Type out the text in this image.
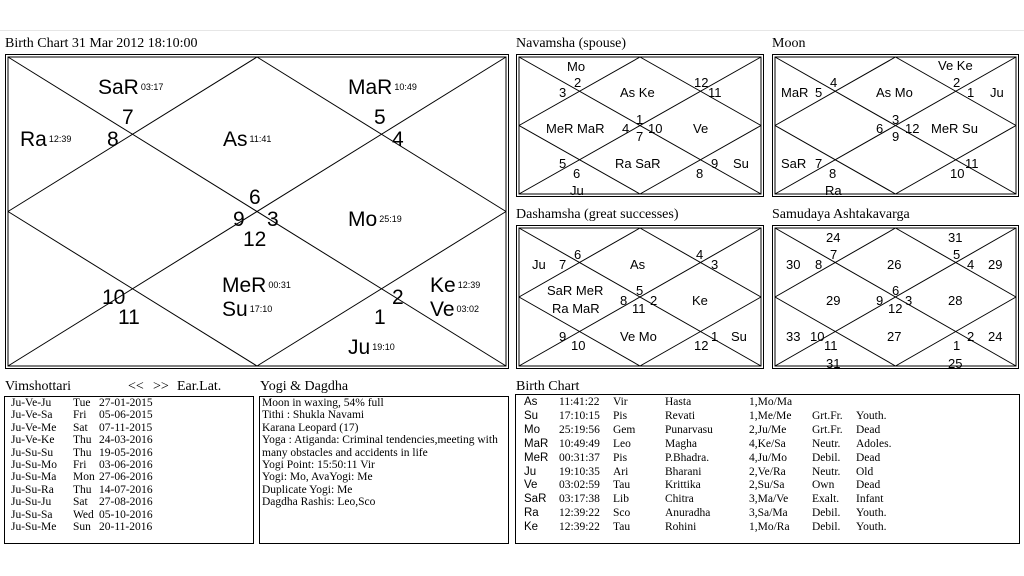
Birth Chart 31 Mar 2012 18:10:00	Navamsha (spouse)	Moon
Dashamsha (great successes)	Samudaya Ashtakavarga
Vimshottari	<< >> Ear.Lat.	Yogi & Dagdha	Birth Chart
SaR 03:17
7
Ra 12:39 8
MaR 10:49
5
4
As 11:41
6
9 3
12
Mo 25:19
10
11
MeR 00:31
Su 17:10
Ke 12:39
2
Ve 03:02
1
Ju 19:10
Mo
3
2
As Ke
12
11
MeR MaR 4
1
10
7
Ve
5
6
Ra SaR
8
9 Su
Ju
Ve Ke
MaR 5
4
As Mo
2
1 Ju
6
3
12
9
MeR Su
SaR 7
8	10
11
Ra
Ju 7
6
As
4
3
SaR MeR
Ra MaR
8
5
2
11
Ke
9
10
Ve Mo
12
1 Su
24	31
30 8
7
26
5
4 29
29	9
6
3
12
28
33 10
11
27	2 24
1
31	25
Ju-Ve-Ju	Tue 27-01-2015
Ju-Ve-Sa	Fri	05-06-2015
Ju-Ve-Me	Sat 07-11-2015
Ju-Ve-Ke	Thu 24-03-2016
Ju-Su-Su	Thu 19-05-2016
Ju-Su-Mo	Fri	03-06-2016
Ju-Su-Ma	Mon 27-06-2016
Ju-Su-Ra	Thu 14-07-2016
Ju-Su-Ju	Sat 27-08-2016
Ju-Su-Sa	Wed 05-10-2016
Ju-Su-Me	Sun 20-11-2016
Moon in waxing, 54% full
Tithi : Shukla Navami
Karana Leopard (17)
Yoga : Atiganda: Criminal tendencies,meeting with many obstacles and accidents in life
Yogi Point: 15:50:11 Vir
Yogi: Mo, AvaYogi: Me
Duplicate Yogi: Me
Dagdha Rashis: Leo,Sco
As	11:41:22	Vir	Hasta	1,Mo/Ma		
Su	17:10:15	Pis	Revati	1,Me/Me	Grt.Fr.	Youth.
Mo	25:19:56	Gem	Punarvasu	2,Ju/Me	Grt.Fr.	Dead
MaR	10:49:49	Leo	Magha	4,Ke/Sa	Neutr.	Adoles.
MeR	00:31:37	Pis	P.Bhadra.	4,Ju/Mo	Debil.	Dead
Ju	19:10:35	Ari	Bharani	2,Ve/Ra	Neutr.	Old
Ve	03:02:59	Tau	Krittika	2,Su/Sa	Own	Dead
SaR	03:17:38	Lib	Chitra	3,Ma/Ve	Exalt.	Infant
Ra	12:39:22	Sco	Anuradha	3,Sa/Ma	Debil.	Youth.
Ke	12:39:22	Tau	Rohini	1,Mo/Ra	Debil.	Youth.
